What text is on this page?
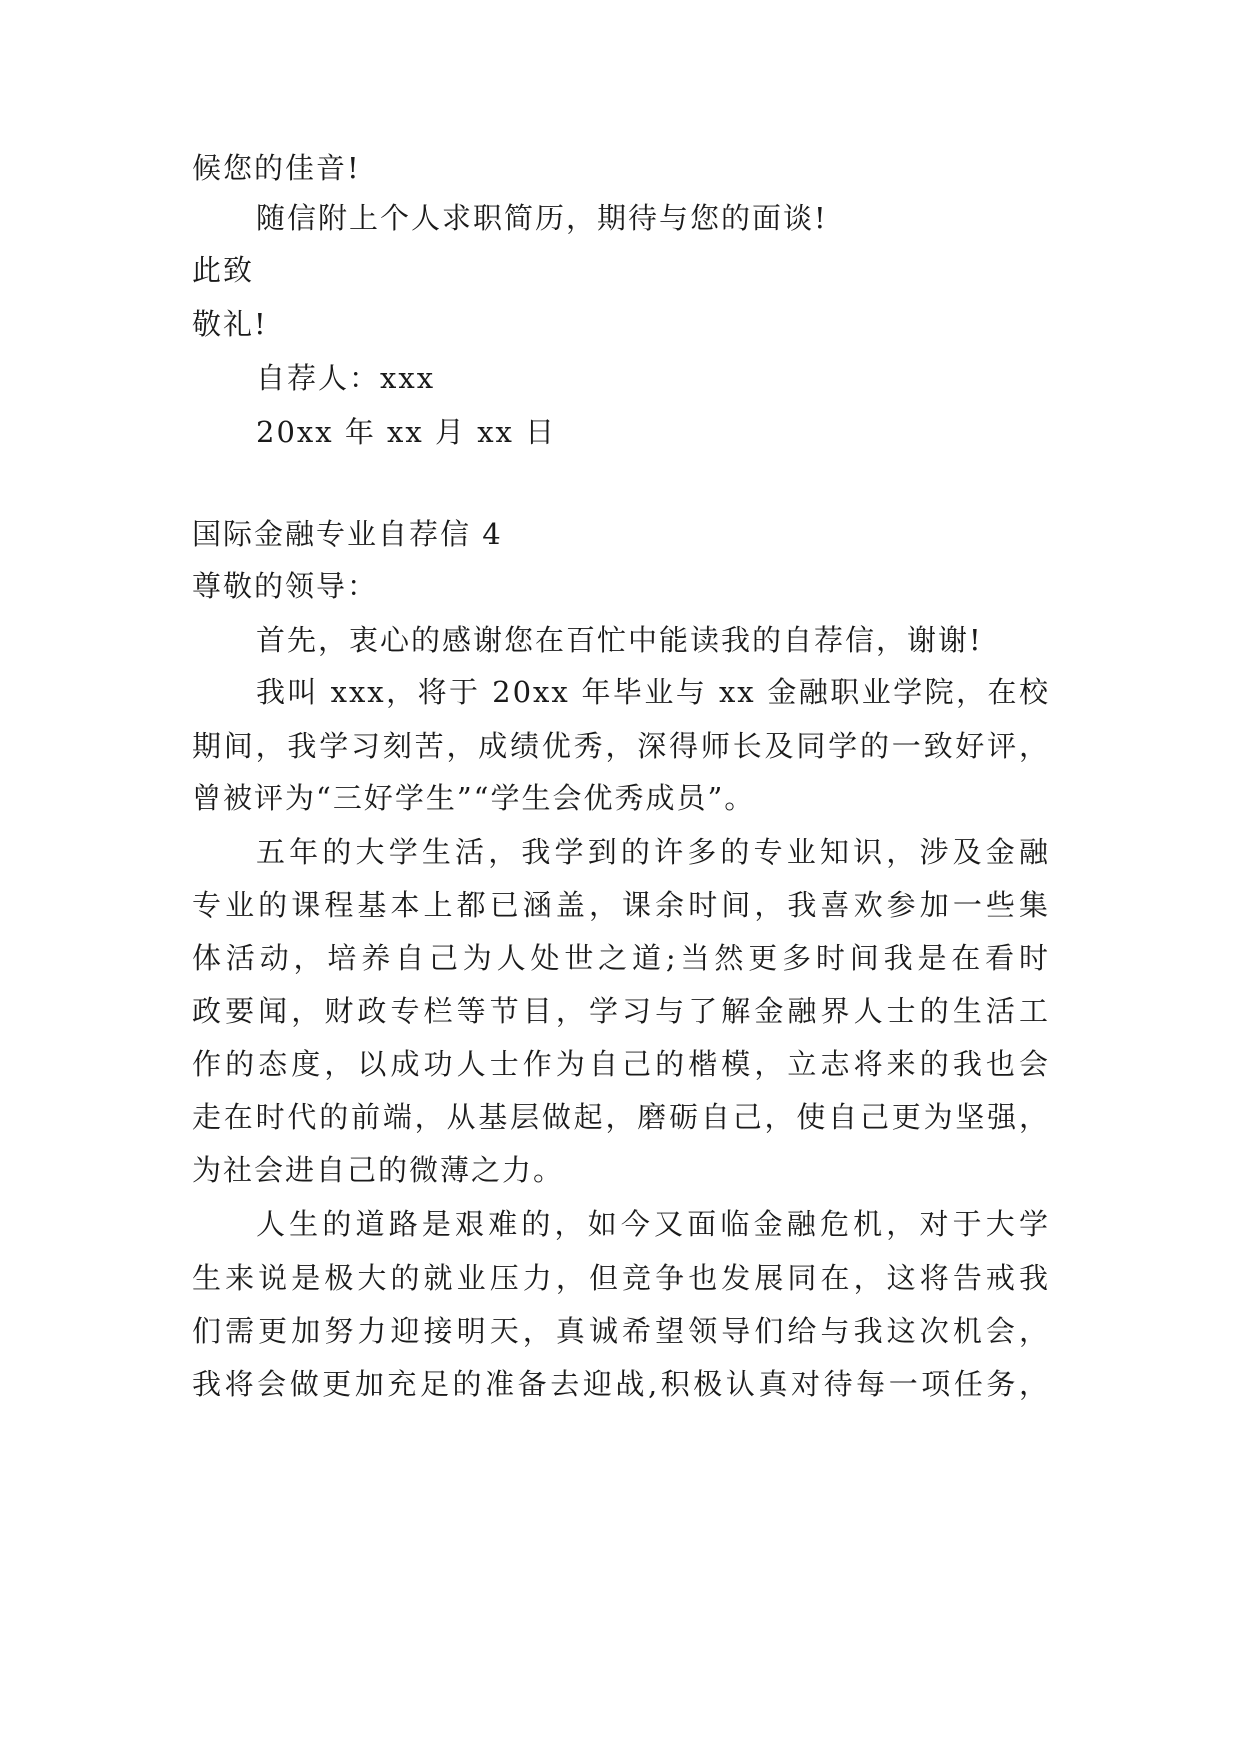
候您的佳音!
随信附上个人求职简历，期待与您的面谈!
此致
敬礼!
自荐人：xxx
20xx 年 xx 月 xx 日
国际金融专业自荐信 4
尊敬的领导：
首先，衷心的感谢您在百忙中能读我的自荐信，谢谢!
我叫 xxx，将于 20xx 年毕业与 xx 金融职业学院，在校
期间，我学习刻苦，成绩优秀，深得师长及同学的一致好评，
曾被评为“三好学生”“学生会优秀成员”。
五年的大学生活，我学到的许多的专业知识，涉及金融
专业的课程基本上都已涵盖，课余时间，我喜欢参加一些集
体活动，培养自己为人处世之道;当然更多时间我是在看时
政要闻，财政专栏等节目，学习与了解金融界人士的生活工
作的态度，以成功人士作为自己的楷模，立志将来的我也会
走在时代的前端，从基层做起，磨砺自己，使自己更为坚强，
为社会进自己的微薄之力。
人生的道路是艰难的，如今又面临金融危机，对于大学
生来说是极大的就业压力，但竞争也发展同在，这将告戒我
们需更加努力迎接明天，真诚希望领导们给与我这次机会，
我将会做更加充足的准备去迎战,积极认真对待每一项任务，
